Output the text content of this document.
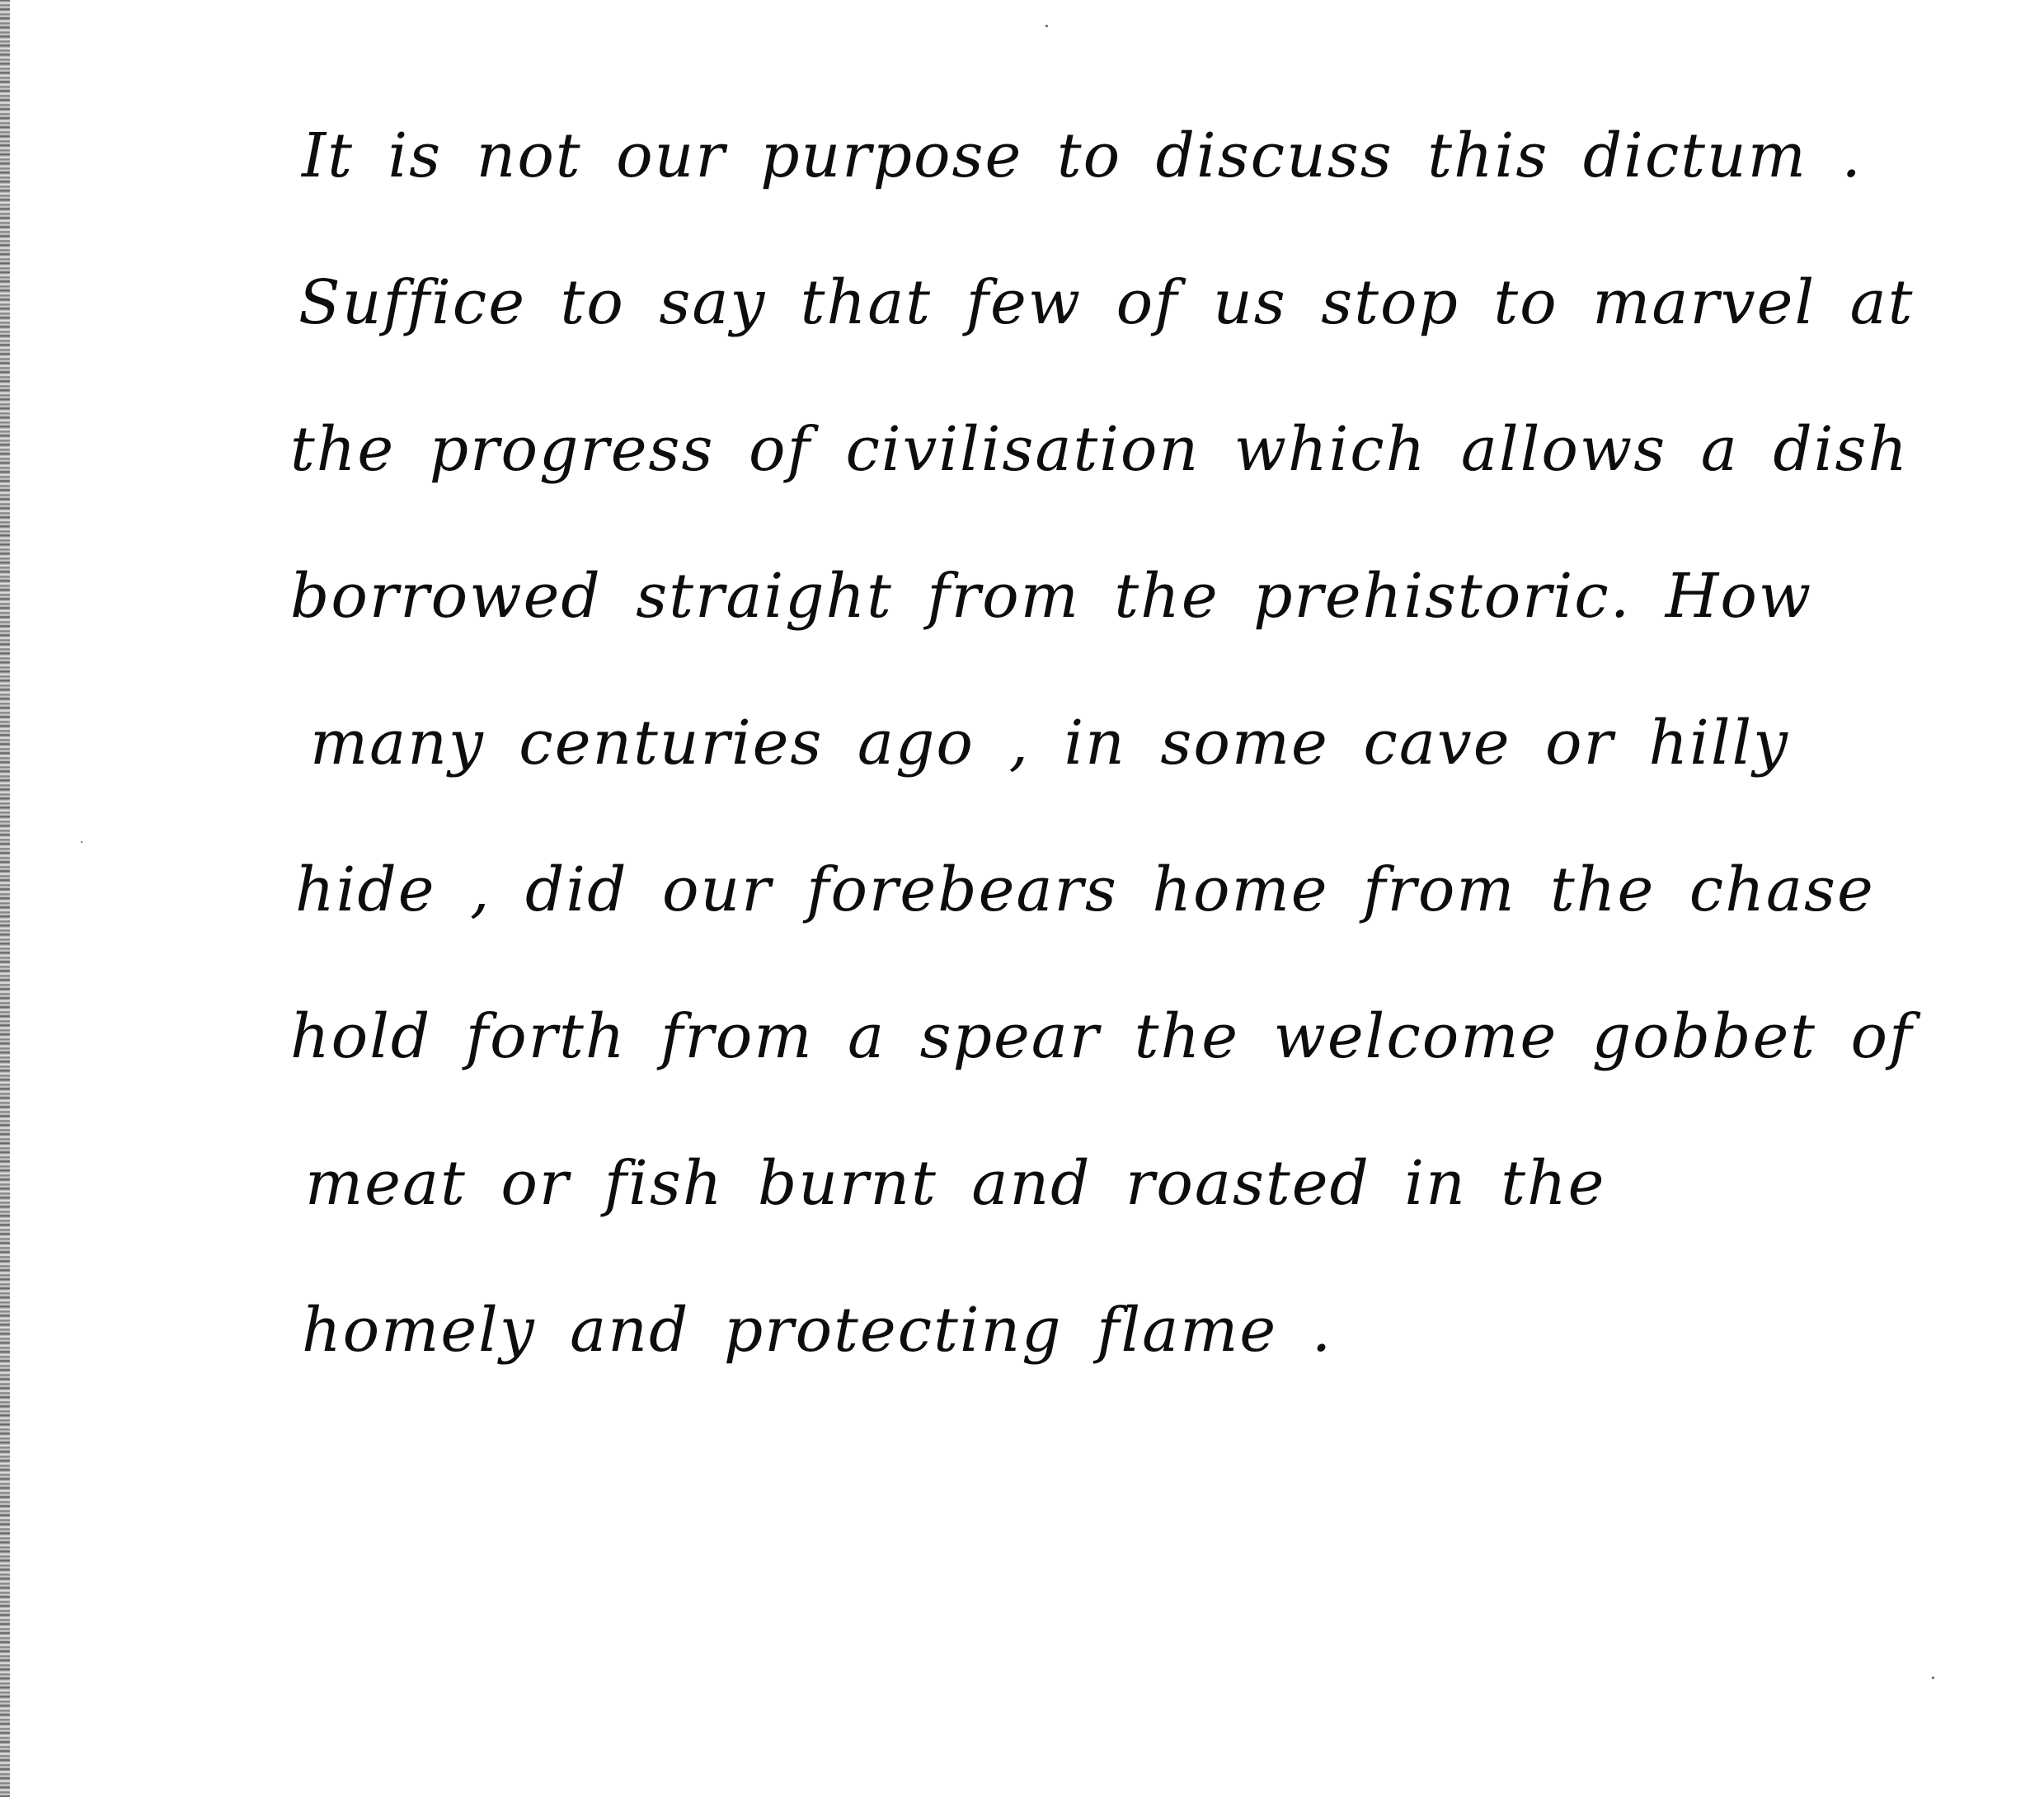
It is not our purpose to discuss this dictum .
Suffice to say that few of us stop to marvel at
the progress of civilisation which allows a dish
borrowed straight from the prehistoric. How
many centuries ago , in some cave or hilly
hide , did our forebears home from the chase
hold forth from a spear the welcome gobbet of
meat or fish burnt and roasted in the
homely and protecting flame .
